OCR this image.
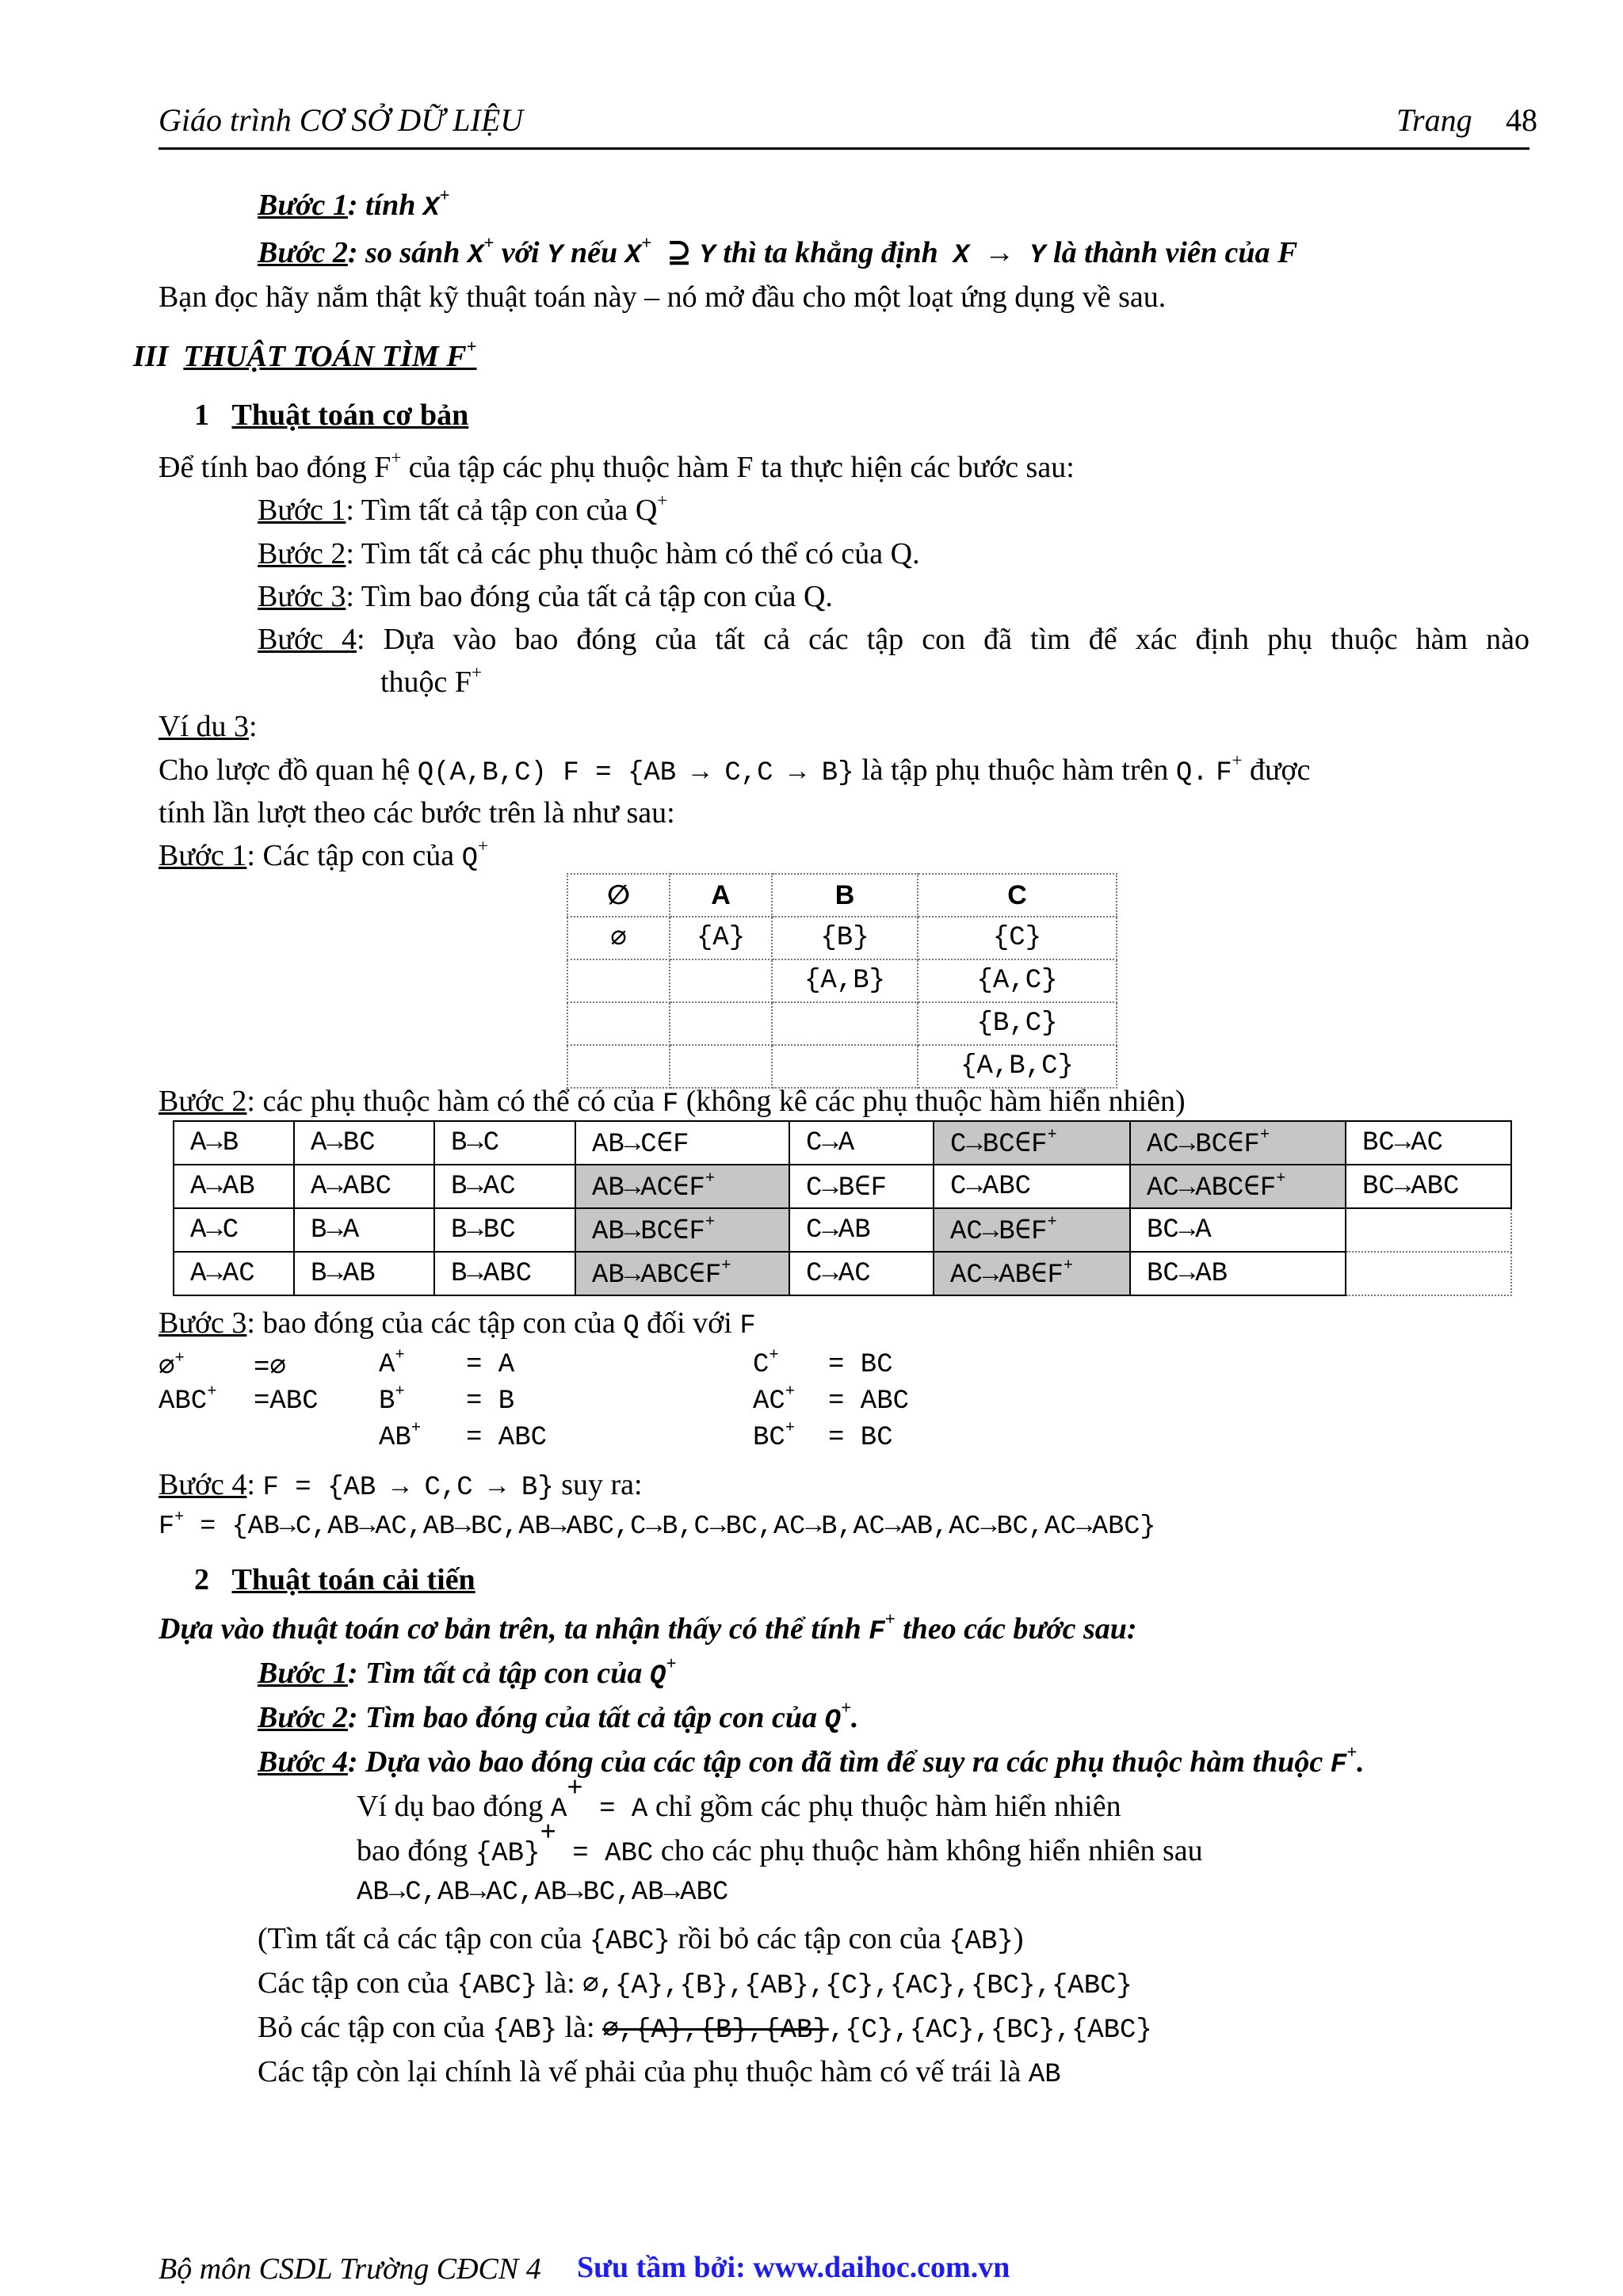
Giáo trình CƠ SỞ DỮ LIỆU	Trang 48
Bước 1: tính X+
Bước 2: so sánh X+ với Y nếu X+ ⊇ Y thì ta khẳng định  X → Y là thành viên của F
Bạn đọc hãy nắm thật kỹ thuật toán này – nó mở đầu cho một loạt ứng dụng về sau.
III THUẬT TOÁN TÌM F+
1 Thuật toán cơ bản
Để tính bao đóng F+ của tập các phụ thuộc hàm F ta thực hiện các bước sau:
Bước 1: Tìm tất cả tập con của Q+
Bước 2: Tìm tất cả các phụ thuộc hàm có thể có của Q.
Bước 3: Tìm bao đóng của tất cả tập con của Q.
Bước 4: Dựa vào bao đóng của tất cả các tập con đã tìm để xác định phụ thuộc hàm nào
thuộc F+
Ví du 3:
Cho lược đồ quan hệ Q(A,B,C) F = {AB → C,C → B} là tập phụ thuộc hàm trên Q. F+ được
tính lần lượt theo các bước trên là như sau:
Bước 1: Các tập con của Q+
∅	A	B	C
∅	{A}	{B}	{C}
		{A,B}	{A,C}
			{B,C}
			{A,B,C}
Bước 2: các phụ thuộc hàm có thể có của F (không kê các phụ thuộc hàm hiển nhiên)
A→B	A→BC	B→C	AB→C∈F	C→A	C→BC∈F+	AC→BC∈F+	BC→AC
A→AB	A→ABC	B→AC	AB→AC∈F+	C→B∈F	C→ABC	AC→ABC∈F+	BC→ABC
A→C	B→A	B→BC	AB→BC∈F+	C→AB	AC→B∈F+	BC→A	
A→AC	B→AB	B→ABC	AB→ABC∈F+	C→AC	AC→AB∈F+	BC→AB	
Bước 3: bao đóng của các tập con của Q đối với F
∅+	=∅
ABC+ =ABC
A+ = A
B+ = B
AB+ = ABC
C+ = BC
AC+ = ABC
BC+ = BC
Bước 4: F = {AB → C,C → B} suy ra:
F+ = {AB→C,AB→AC,AB→BC,AB→ABC,C→B,C→BC,AC→B,AC→AB,AC→BC,AC→ABC}
2 Thuật toán cải tiến
Dựa vào thuật toán cơ bản trên, ta nhận thấy có thể tính F+ theo các bước sau:
Bước 1: Tìm tất cả tập con của Q+
Bước 2: Tìm bao đóng của tất cả tập con của Q+.
Bước 4: Dựa vào bao đóng của các tập con đã tìm để suy ra các phụ thuộc hàm thuộc F+.
Ví dụ bao đóng A+ = A chỉ gồm các phụ thuộc hàm hiển nhiên
bao đóng {AB}+ = ABC cho các phụ thuộc hàm không hiển nhiên sau
AB→C,AB→AC,AB→BC,AB→ABC
(Tìm tất cả các tập con của {ABC} rồi bỏ các tập con của {AB})
Các tập con của {ABC} là: ∅,{A},{B},{AB},{C},{AC},{BC},{ABC}
Bỏ các tập con của {AB} là: ∅,{A},{B},{AB},{C},{AC},{BC},{ABC}
Các tập còn lại chính là vế phải của phụ thuộc hàm có vế trái là AB
Bộ môn CSDL Trường CĐCN 4 Sưu tầm bởi: www.daihoc.com.vn
